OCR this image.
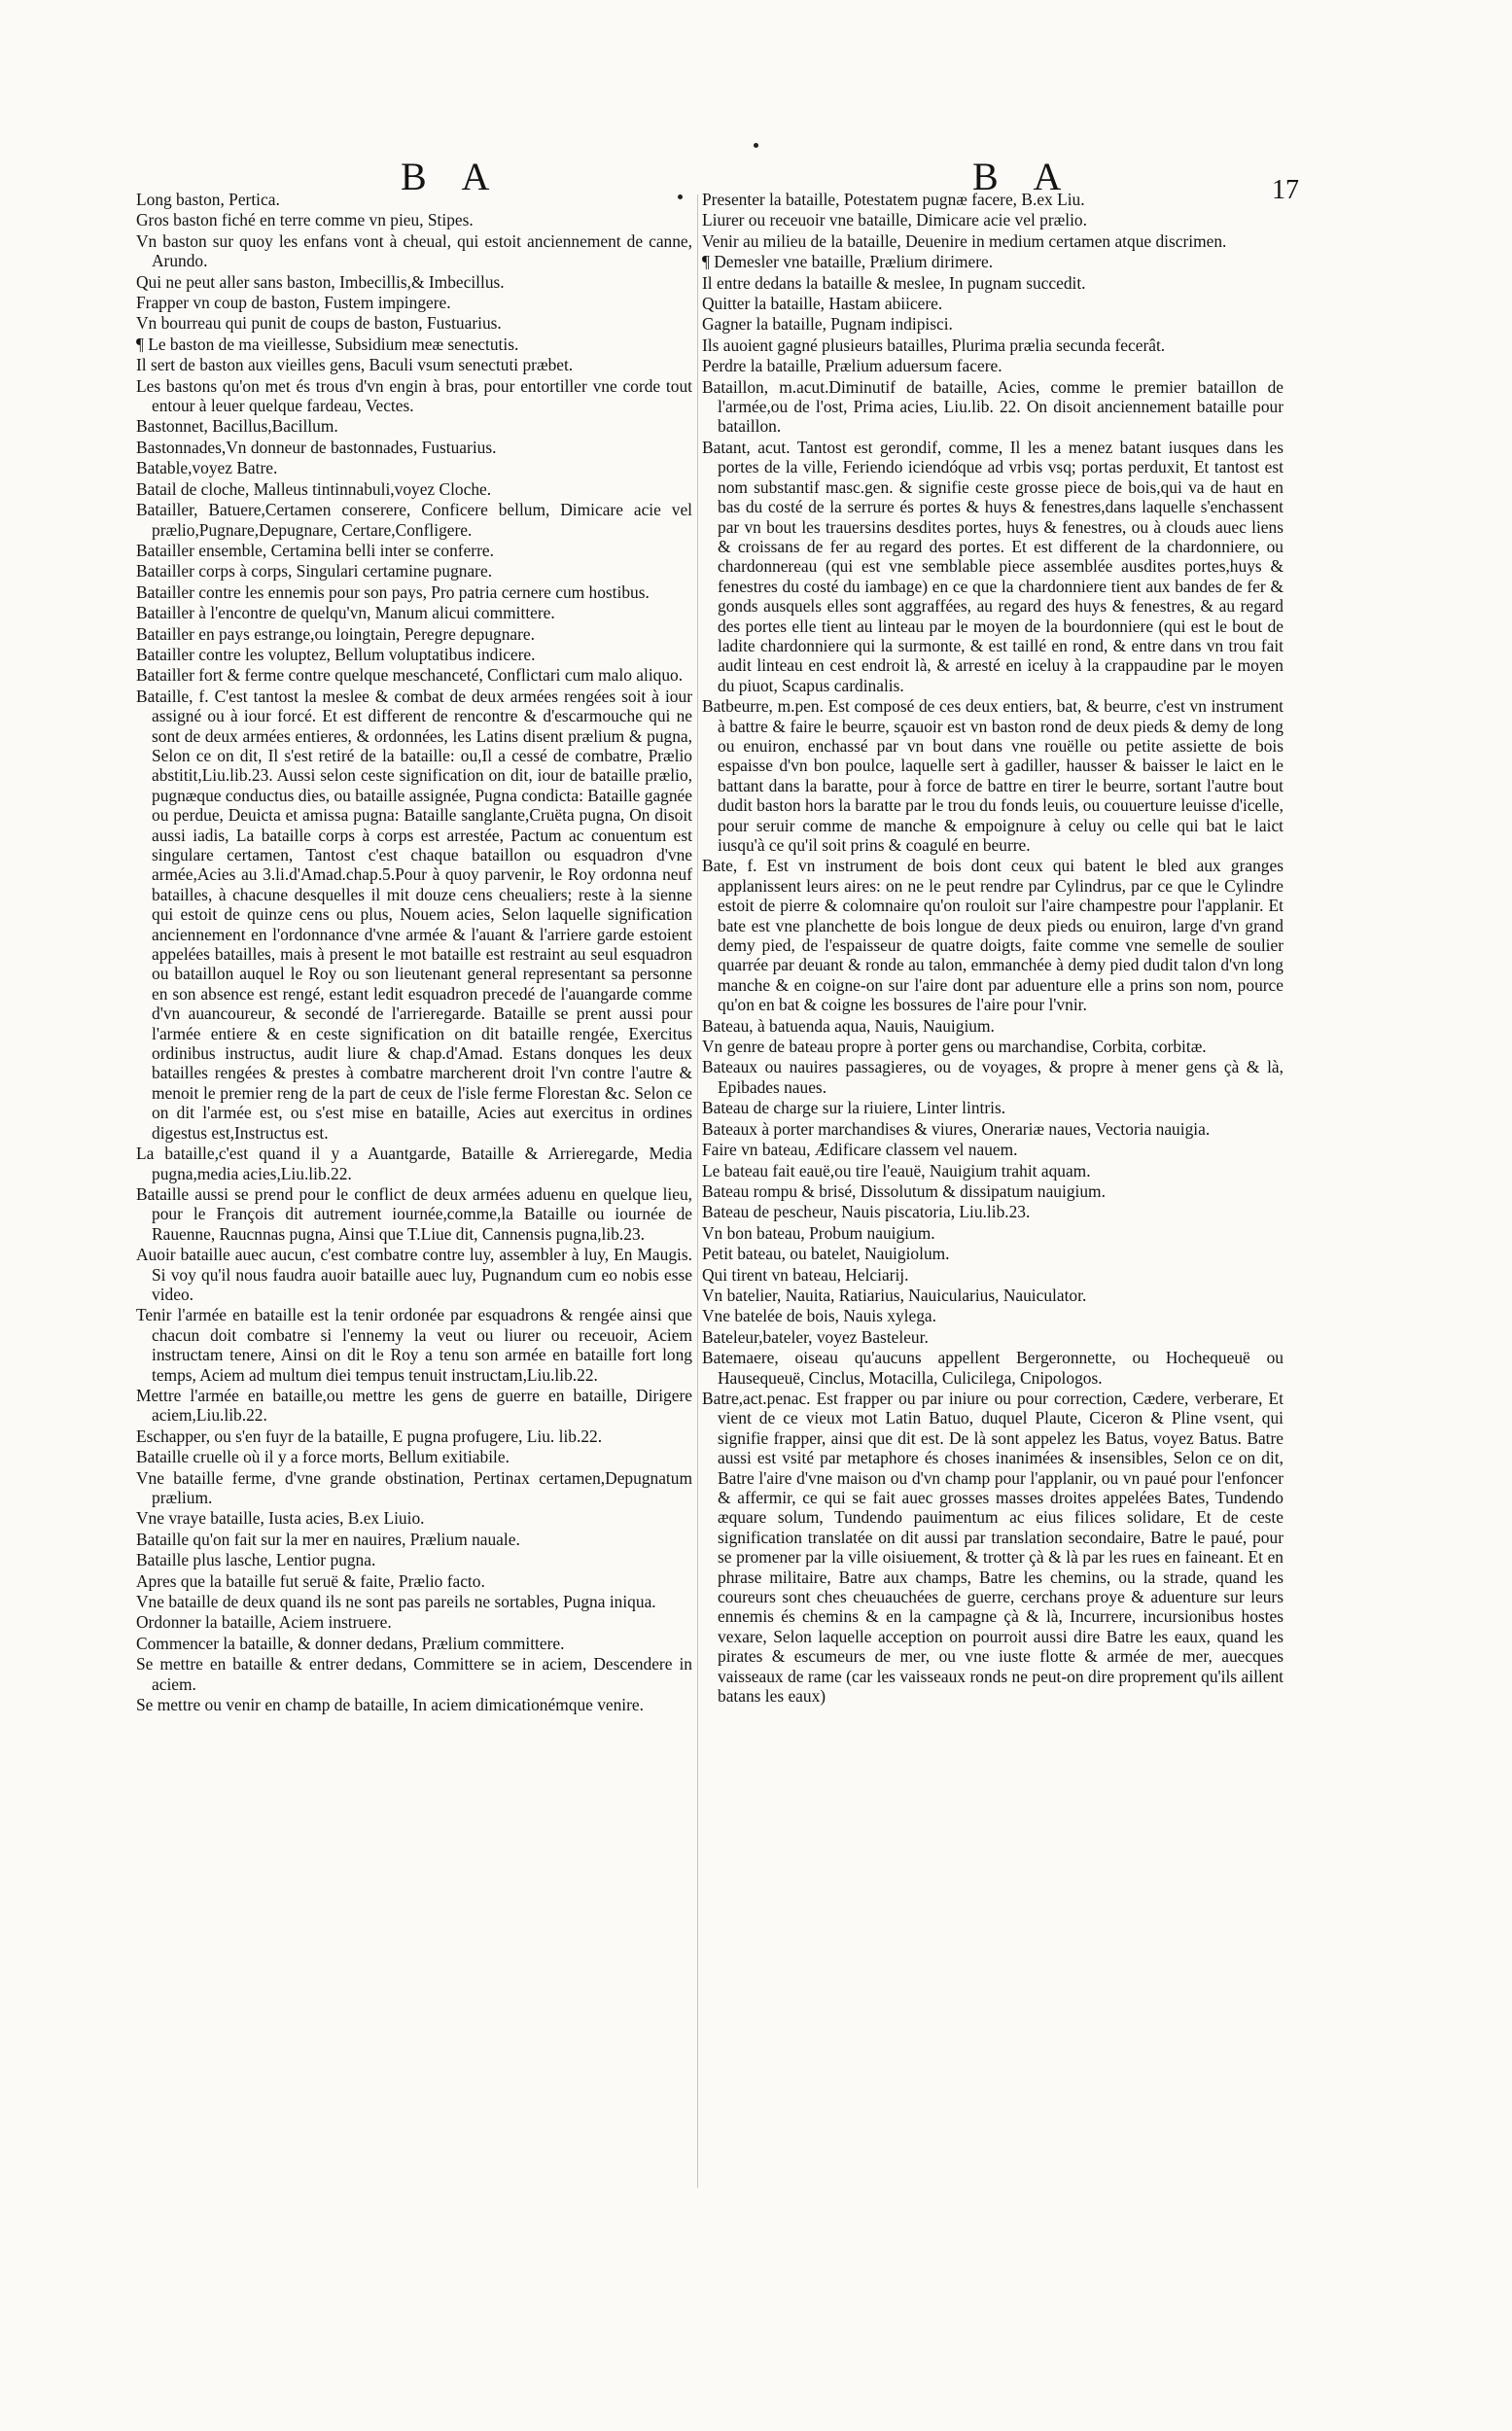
B A	B A	17

Long baston, Pertica.

Gros baston fiché en terre comme vn pieu, Stipes.

Vn baston sur quoy les enfans vont à cheual, qui estoit anciennement de canne, Arundo.

Qui ne peut aller sans baston, Imbecillis,& Imbecillus.

Frapper vn coup de baston, Fustem impingere.

Vn bourreau qui punit de coups de baston, Fustuarius.

¶ Le baston de ma vieillesse, Subsidium meæ senectutis.

Il sert de baston aux vieilles gens, Baculi vsum senectuti præbet.

Les bastons qu'on met és trous d'vn engin à bras, pour entortiller vne corde tout entour à leuer quelque fardeau, Vectes.

Bastonnet, Bacillus,Bacillum.

Bastonnades,Vn donneur de bastonnades, Fustuarius.

Batable,voyez Batre.

Batail de cloche, Malleus tintinnabuli,voyez Cloche.

Batailler, Batuere,Certamen conserere, Conficere bellum, Dimicare acie vel prælio,Pugnare,Depugnare, Certare,Confligere.

Batailler ensemble, Certamina belli inter se conferre.

Batailler corps à corps, Singulari certamine pugnare.

Batailler contre les ennemis pour son pays, Pro patria cernere cum hostibus.

Batailler à l'encontre de quelqu'vn, Manum alicui committere.

Batailler en pays estrange,ou loingtain, Peregre depugnare.

Batailler contre les voluptez, Bellum voluptatibus indicere.

Batailler fort & ferme contre quelque meschanceté, Conflictari cum malo aliquo.

Bataille, f. C'est tantost la meslee & combat de deux armées rengées soit à iour assigné ou à iour forcé. Et est different de rencontre & d'escarmouche qui ne sont de deux armées entieres, & ordonnées, les Latins disent prælium & pugna, Selon ce on dit, Il s'est retiré de la bataille: ou,Il a cessé de combatre, Prælio abstitit,Liu.lib.23. Aussi selon ceste signification on dit, iour de bataille prælio, pugnæque conductus dies, ou bataille assignée, Pugna condicta: Bataille gagnée ou perdue, Deuicta et amissa pugna: Bataille sanglante,Cruëta pugna, On disoit aussi iadis, La bataille corps à corps est arrestée, Pactum ac conuentum est singulare certamen, Tantost c'est chaque bataillon ou esquadron d'vne armée,Acies au 3.li.d'Amad.chap.5.Pour à quoy parvenir, le Roy ordonna neuf batailles, à chacune desquelles il mit douze cens cheualiers; reste à la sienne qui estoit de quinze cens ou plus, Nouem acies, Selon laquelle signification anciennement en l'ordonnance d'vne armée & l'auant & l'arriere garde estoient appelées batailles, mais à present le mot bataille est restraint au seul esquadron ou bataillon auquel le Roy ou son lieutenant general representant sa personne en son absence est rengé, estant ledit esquadron precedé de l'auangarde comme d'vn auancoureur, & secondé de l'arrieregarde. Bataille se prent aussi pour l'armée entiere & en ceste signification on dit bataille rengée, Exercitus ordinibus instructus, audit liure & chap.d'Amad. Estans donques les deux batailles rengées & prestes à combatre marcherent droit l'vn contre l'autre & menoit le premier reng de la part de ceux de l'isle ferme Florestan &c. Selon ce on dit l'armée est, ou s'est mise en bataille, Acies aut exercitus in ordines digestus est,Instructus est.

La bataille,c'est quand il y a Auantgarde, Bataille & Arrieregarde, Media pugna,media acies,Liu.lib.22.

Bataille aussi se prend pour le conflict de deux armées aduenu en quelque lieu, pour le François dit autrement iournée,comme,la Bataille ou iournée de Rauenne, Raucnnas pugna, Ainsi que T.Liue dit, Cannensis pugna,lib.23.

Auoir bataille auec aucun, c'est combatre contre luy, assembler à luy, En Maugis. Si voy qu'il nous faudra auoir bataille auec luy, Pugnandum cum eo nobis esse video.

Tenir l'armée en bataille est la tenir ordonée par esquadrons & rengée ainsi que chacun doit combatre si l'ennemy la veut ou liurer ou receuoir, Aciem instructam tenere, Ainsi on dit le Roy a tenu son armée en bataille fort long temps, Aciem ad multum diei tempus tenuit instructam,Liu.lib.22.

Mettre l'armée en bataille,ou mettre les gens de guerre en bataille, Dirigere aciem,Liu.lib.22.

Eschapper, ou s'en fuyr de la bataille, E pugna profugere, Liu. lib.22.

Bataille cruelle où il y a force morts, Bellum exitiabile.

Vne bataille ferme, d'vne grande obstination, Pertinax certamen,Depugnatum prælium.

Vne vraye bataille, Iusta acies, B.ex Liuio.

Bataille qu'on fait sur la mer en nauires, Prælium nauale.

Bataille plus lasche, Lentior pugna.

Apres que la bataille fut seruë & faite, Prælio facto.

Vne bataille de deux quand ils ne sont pas pareils ne sortables, Pugna iniqua.

Ordonner la bataille, Aciem instruere.

Commencer la bataille, & donner dedans, Prælium committere.

Se mettre en bataille & entrer dedans, Committere se in aciem, Descendere in aciem.

Se mettre ou venir en champ de bataille, In aciem dimicationémque venire.

Presenter la bataille, Potestatem pugnæ facere, B.ex Liu.

Liurer ou receuoir vne bataille, Dimicare acie vel prælio.

Venir au milieu de la bataille, Deuenire in medium certamen atque discrimen.

¶ Demesler vne bataille, Prælium dirimere.

Il entre dedans la bataille & meslee, In pugnam succedit.

Quitter la bataille, Hastam abiicere.

Gagner la bataille, Pugnam indipisci.

Ils auoient gagné plusieurs batailles, Plurima prælia secunda fecerât.

Perdre la bataille, Prælium aduersum facere.

Bataillon, m.acut.Diminutif de bataille, Acies, comme le premier bataillon de l'armée,ou de l'ost, Prima acies, Liu.lib. 22. On disoit anciennement bataille pour bataillon.

Batant, acut. Tantost est gerondif, comme, Il les a menez batant iusques dans les portes de la ville, Feriendo iciendóque ad vrbis vsq; portas perduxit, Et tantost est nom substantif masc.gen. & signifie ceste grosse piece de bois,qui va de haut en bas du costé de la serrure és portes & huys & fenestres,dans laquelle s'enchassent par vn bout les trauersins desdites portes, huys & fenestres, ou à clouds auec liens & croissans de fer au regard des portes. Et est different de la chardonniere, ou chardonnereau (qui est vne semblable piece assemblée ausdites portes,huys & fenestres du costé du iambage) en ce que la chardonniere tient aux bandes de fer & gonds ausquels elles sont aggraffées, au regard des huys & fenestres, & au regard des portes elle tient au linteau par le moyen de la bourdonniere (qui est le bout de ladite chardonniere qui la surmonte, & est taillé en rond, & entre dans vn trou fait audit linteau en cest endroit là, & arresté en iceluy à la crappaudine par le moyen du piuot, Scapus cardinalis.

Batbeurre, m.pen. Est composé de ces deux entiers, bat, & beurre, c'est vn instrument à battre & faire le beurre, sçauoir est vn baston rond de deux pieds & demy de long ou enuiron, enchassé par vn bout dans vne rouëlle ou petite assiette de bois espaisse d'vn bon poulce, laquelle sert à gadiller, hausser & baisser le laict en le battant dans la baratte, pour à force de battre en tirer le beurre, sortant l'autre bout dudit baston hors la baratte par le trou du fonds leuis, ou couuerture leuisse d'icelle, pour seruir comme de manche & empoignure à celuy ou celle qui bat le laict iusqu'à ce qu'il soit prins & coagulé en beurre.

Bate, f. Est vn instrument de bois dont ceux qui batent le bled aux granges applanissent leurs aires: on ne le peut rendre par Cylindrus, par ce que le Cylindre estoit de pierre & colomnaire qu'on rouloit sur l'aire champestre pour l'applanir. Et bate est vne planchette de bois longue de deux pieds ou enuiron, large d'vn grand demy pied, de l'espaisseur de quatre doigts, faite comme vne semelle de soulier quarrée par deuant & ronde au talon, emmanchée à demy pied dudit talon d'vn long manche & en coigne-on sur l'aire dont par aduenture elle a prins son nom, pource qu'on en bat & coigne les bossures de l'aire pour l'vnir.

Bateau, à batuenda aqua, Nauis, Nauigium.

Vn genre de bateau propre à porter gens ou marchandise, Corbita, corbitæ.

Bateaux ou nauires passagieres, ou de voyages, & propre à mener gens çà & là, Epibades naues.

Bateau de charge sur la riuiere, Linter lintris.

Bateaux à porter marchandises & viures, Onerariæ naues, Vectoria nauigia.

Faire vn bateau, Ædificare classem vel nauem.

Le bateau fait eauë,ou tire l'eauë, Nauigium trahit aquam.

Bateau rompu & brisé, Dissolutum & dissipatum nauigium.

Bateau de pescheur, Nauis piscatoria, Liu.lib.23.

Vn bon bateau, Probum nauigium.

Petit bateau, ou batelet, Nauigiolum.

Qui tirent vn bateau, Helciarij.

Vn batelier, Nauita, Ratiarius, Nauicularius, Nauiculator.

Vne batelée de bois, Nauis xylega.

Bateleur,bateler, voyez Basteleur.

Batemaere, oiseau qu'aucuns appellent Bergeronnette, ou Hochequeuë ou Hausequeuë, Cinclus, Motacilla, Culicilega, Cnipologos.

Batre,act.penac. Est frapper ou par iniure ou pour correction, Cædere, verberare, Et vient de ce vieux mot Latin Batuo, duquel Plaute, Ciceron & Pline vsent, qui signifie frapper, ainsi que dit est. De là sont appelez les Batus, voyez Batus. Batre aussi est vsité par metaphore és choses inanimées & insensibles, Selon ce on dit, Batre l'aire d'vne maison ou d'vn champ pour l'applanir, ou vn paué pour l'enfoncer & affermir, ce qui se fait auec grosses masses droites appelées Bates, Tundendo æquare solum, Tundendo pauimentum ac eius filices solidare, Et de ceste signification translatée on dit aussi par translation secondaire, Batre le paué, pour se promener par la ville oisiuement, & trotter çà & là par les rues en faineant. Et en phrase militaire, Batre aux champs, Batre les chemins, ou la strade, quand les coureurs sont ches cheuauchées de guerre, cerchans proye & aduenture sur leurs ennemis és chemins & en la campagne çà & là, Incurrere, incursionibus hostes vexare, Selon laquelle acception on pourroit aussi dire Batre les eaux, quand les pirates & escumeurs de mer, ou vne iuste flotte & armée de mer, auecques vaisseaux de rame (car les vaisseaux ronds ne peut-on dire proprement qu'ils aillent batans les eaux)
